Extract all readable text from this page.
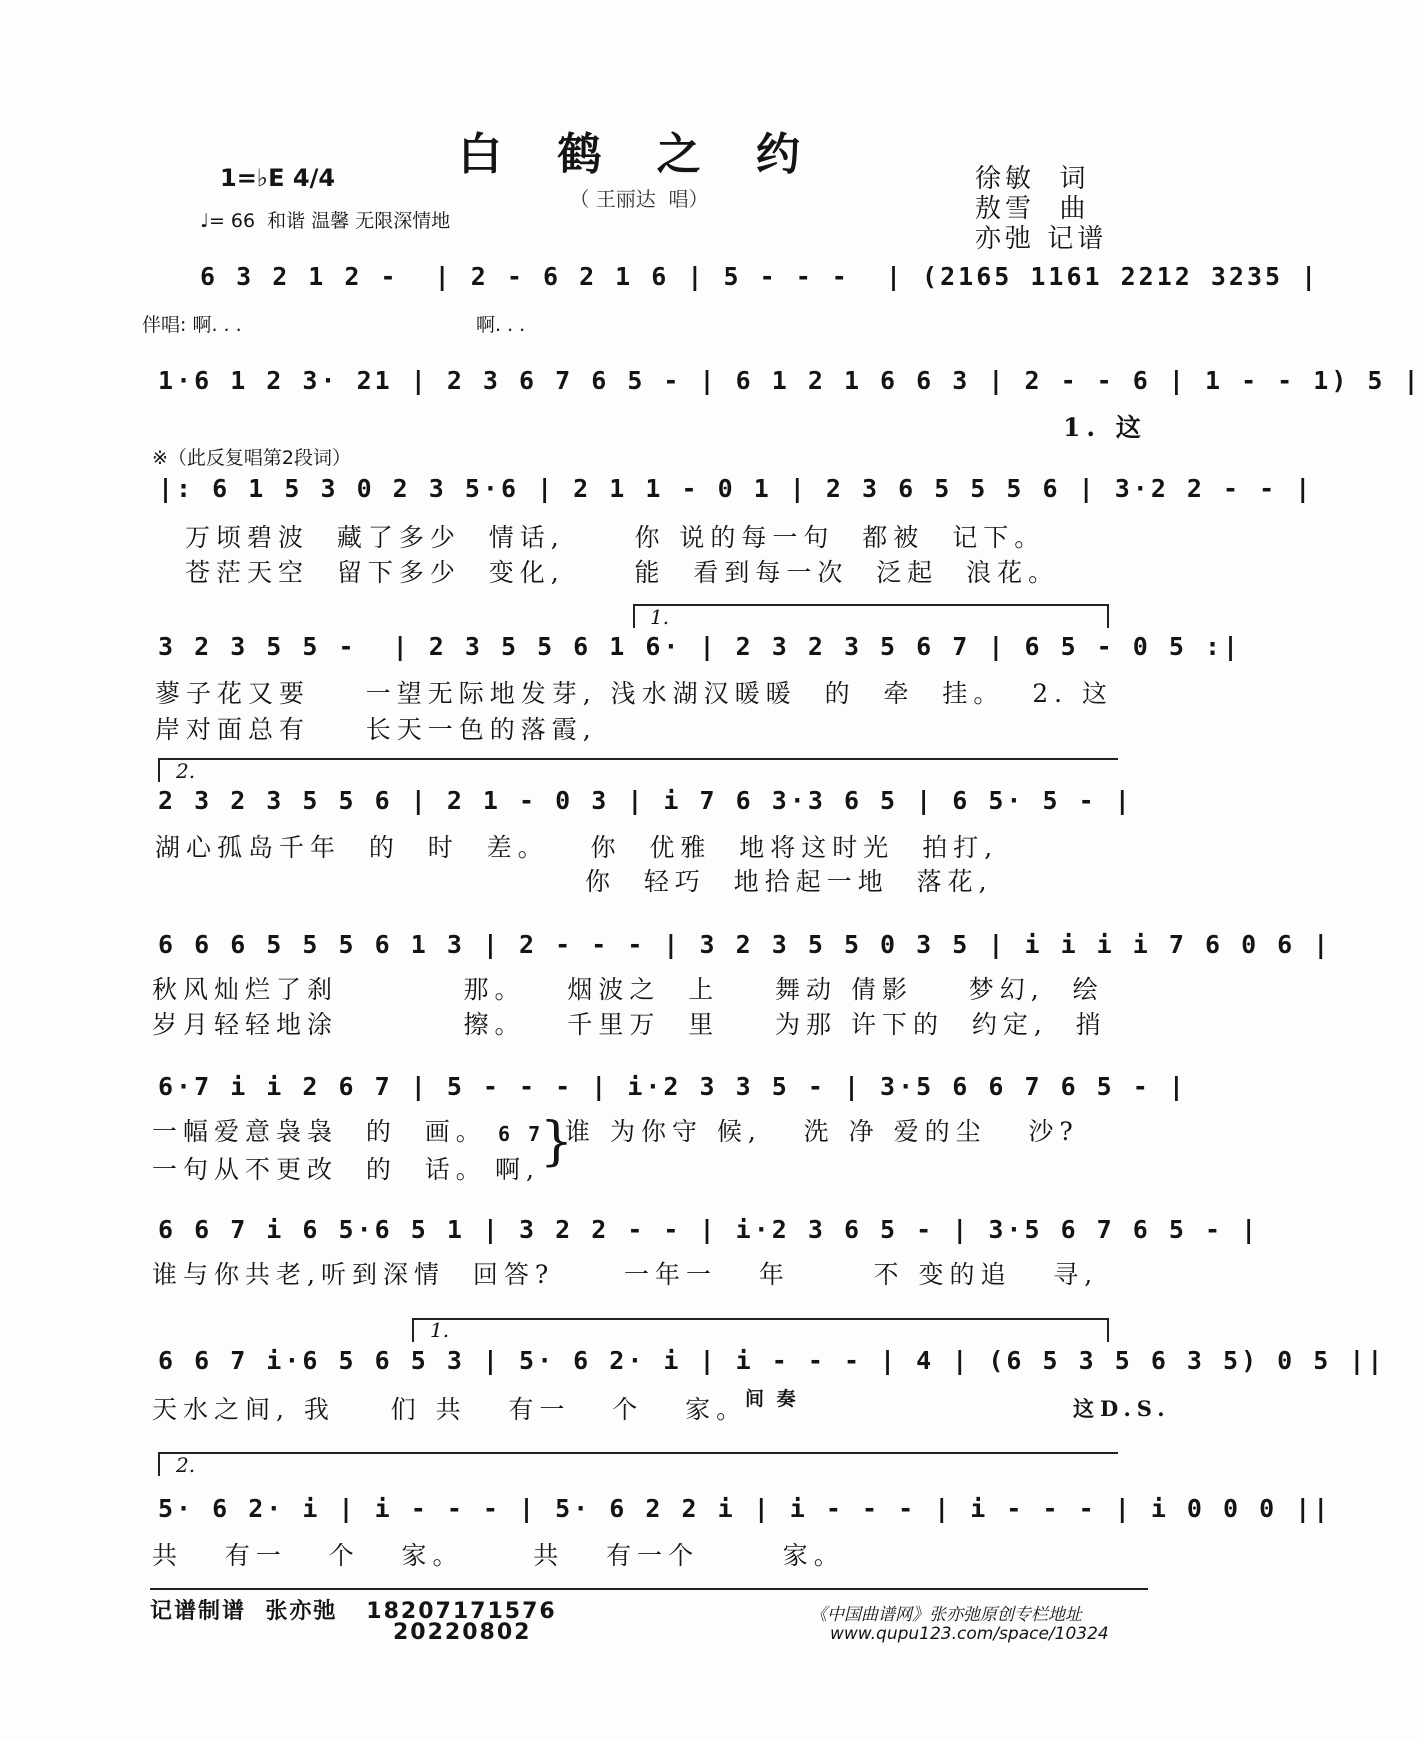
白 鹤 之 约
（ 王丽达  唱）
徐敏  词
敖雪  曲
亦弛 记谱
1=♭E 4/4
♩= 66  和谐 温馨 无限深情地
6 3 2 1 2 -  | 2 - 6 2 1 6 | 5 - - -  | (2165 1161 2212 3235 |
伴唱: 啊. . .	啊. . .
1·6 1 2 3· 21 | 2 3 6 7 6 5 - | 6 1 2 1 6 6 3 | 2 - - 6 | 1 - - 1) 5 |
1. 这
※（此反复唱第2段词）
|: 6 1 5 3 0 2 3 5·6 | 2 1 1 - 0 1 | 2 3 6 5 5 5 6 | 3·2 2 - - |
万顷碧波  藏了多少  情话,     你 说的每一句  都被  记下。
苍茫天空  留下多少  变化,     能  看到每一次  泛起  浪花。
1.
3 2 3 5 5 -  | 2 3 5 5 6 1 6· | 2 3 2 3 5 6 7 | 6 5 - 0 5 :|
蓼子花又要    一望无际地发芽, 浅水湖汉暖暖  的  牵  挂。  2. 这
岸对面总有    长天一色的落霞,
2.
2 3 2 3 5 5 6 | 2 1 - 0 3 | i 7 6 3·3 6 5 | 6 5· 5 - |
湖心孤岛千年  的  时  差。   你  优雅  地将这时光  拍打,
你  轻巧  地拾起一地  落花,
6 6 6 5 5 5 6 1 3 | 2 - - - | 3 2 3 5 5 0 3 5 | i i i i 7 6 0 6 |
秋风灿烂了刹         那。   烟波之  上    舞动 倩影    梦幻,  绘
岁月轻轻地涂         擦。   千里万  里    为那 许下的  约定,  捎
6·7 i i 2 6 7 | 5 - - - | i·2 3 3 5 - | 3·5 6 6 7 6 5 - |
一幅爱意袅袅  的  画。	谁 为你守 候,   洗 净 爱的尘   沙?
一句从不更改  的  话。
6 7
啊, }
6 6 7 i 6 5·6 5 1 | 3 2 2 - - | i·2 3 6 5 - | 3·5 6 7 6 5 - |
谁与你共老,听到深情  回答?     一年一   年      不 变的追   寻,
1.
6 6 7 i·6 5 6 5 3 | 5· 6 2· i | i - - - | 4 | (6 5 3 5 6 3 5) 0 5 ||
天水之间, 我    们 共   有一   个   家。
间 奏	这D.S.
2.
5· 6 2· i | i - - - | 5· 6 2 2 i | i - - - | i - - - | i 0 0 0 ||
共   有一   个   家。     共   有一个      家。
记谱制谱  张亦弛   18207171576
20220802
《中国曲谱网》张亦弛原创专栏地址
www.qupu123.com/space/10324
